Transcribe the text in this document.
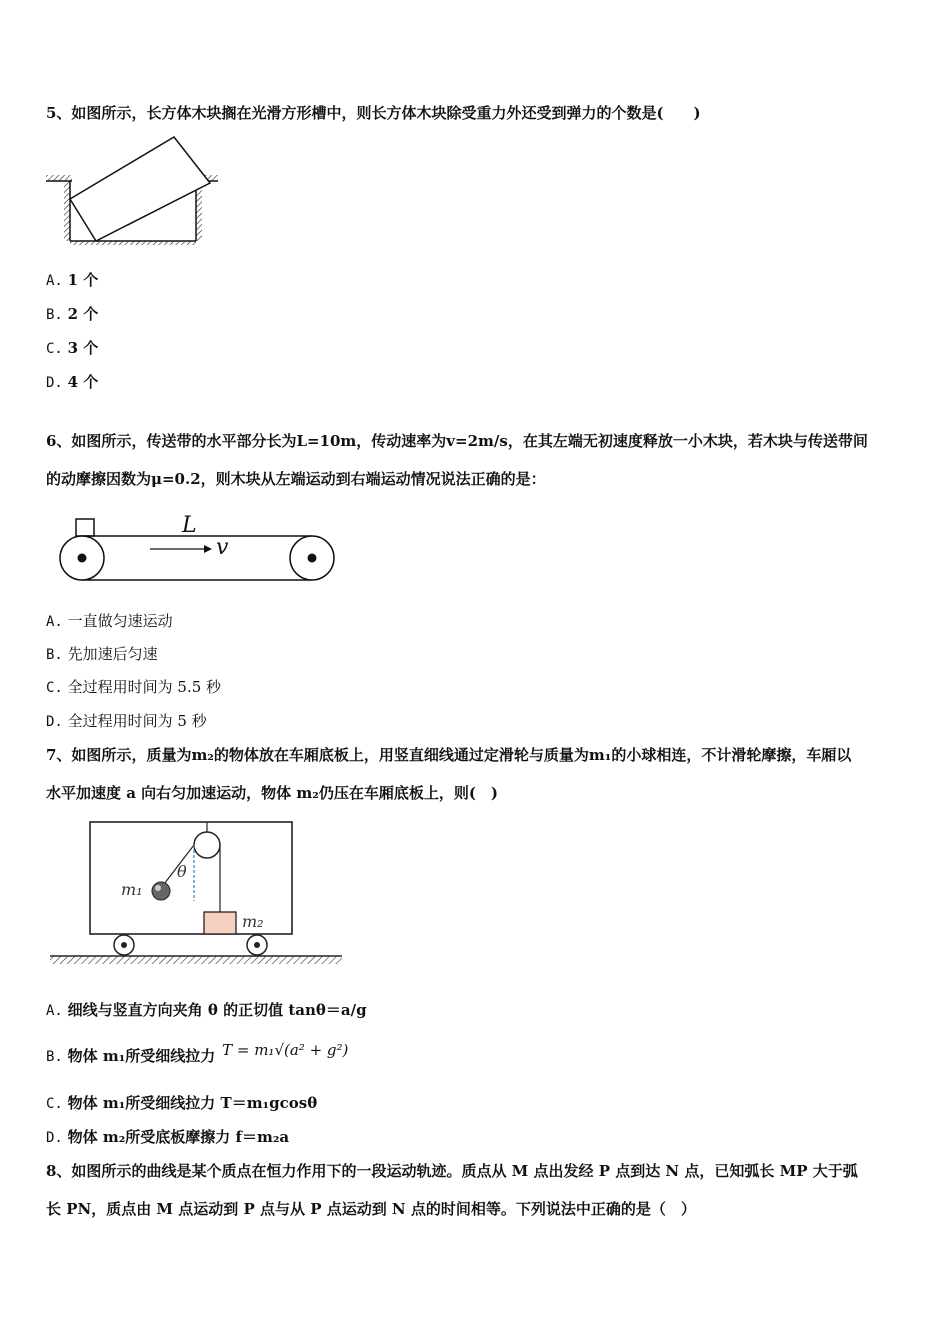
5、如图所示，长方体木块搁在光滑方形槽中，则长方体木块除受重力外还受到弹力的个数是(　　)
A. 1 个
B. 2 个
C. 3 个
D. 4 个
6、如图所示，传送带的水平部分长为L=10m，传动速率为v=2m/s，在其左端无初速度释放一小木块，若木块与传送带间
的动摩擦因数为μ=0.2，则木块从左端运动到右端运动情况说法正确的是：
L
v
A. 一直做匀速运动
B. 先加速后匀速
C. 全过程用时间为 5.5 秒
D. 全过程用时间为 5 秒
7、如图所示，质量为m₂的物体放在车厢底板上，用竖直细线通过定滑轮与质量为m₁的小球相连，不计滑轮摩擦，车厢以
水平加速度 a 向右匀加速运动，物体 m₂仍压在车厢底板上，则(　)
m₁
θ
m₂
A. 细线与竖直方向夹角 θ 的正切值 tanθ＝a/g
B. 物体 m₁所受细线拉力 T = m₁√(a² + g²)
C. 物体 m₁所受细线拉力 T＝m₁gcosθ
D. 物体 m₂所受底板摩擦力 f＝m₂a
8、如图所示的曲线是某个质点在恒力作用下的一段运动轨迹。质点从 M 点出发经 P 点到达 N 点，已知弧长 MP 大于弧
长 PN，质点由 M 点运动到 P 点与从 P 点运动到 N 点的时间相等。下列说法中正确的是（　）
